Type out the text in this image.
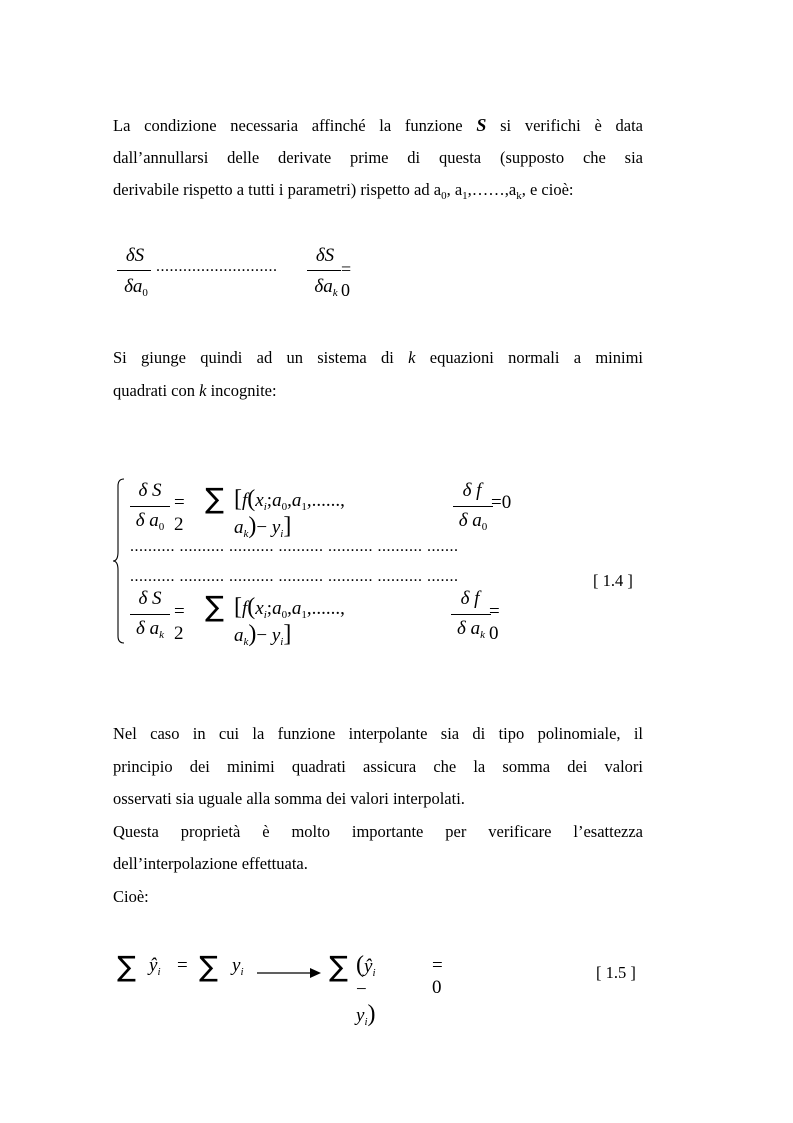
La condizione necessaria affinché la funzione S si verifichi è data
dall’annullarsi delle derivate prime di questa (supposto che sia
derivabile rispetto a tutti i parametri) rispetto ad $a_0$, $a_1,\dots\dots,a_k$, e cioè:
δS
$\delta a_0$
...........................
δS
$\delta a_k$
= 0
Si giunge quindi ad un sistema di k equazioni normali a minimi
quadrati con k incognite:
δ S
δ $a_0$
= 2
∑ [$f(x_i;a_0,a_1$,......, $a_k)- y_i$]
δ f
δ $a_0$
=0
.......... .......... .......... .......... .......... .......... .......
.......... .......... .......... .......... .......... .......... .......
δ S
δ $a_k$
= 2
∑ [$f(x_i;a_0,a_1$,......, $a_k)- y_i$]
δ f
δ $a_k$
= 0
[ 1.4 ]
Nel caso in cui la funzione interpolante sia di tipo polinomiale, il
principio dei minimi quadrati assicura che la somma dei valori
osservati sia uguale alla somma dei valori interpolati.
Questa proprietà è molto importante per verificare l’esattezza
dell’interpolazione effettuata.
Cioè:
∑ $ŷ_i$ = ∑ $y_i$	∑ $(ŷ_i - y_i)$
= 0
[ 1.5 ]
